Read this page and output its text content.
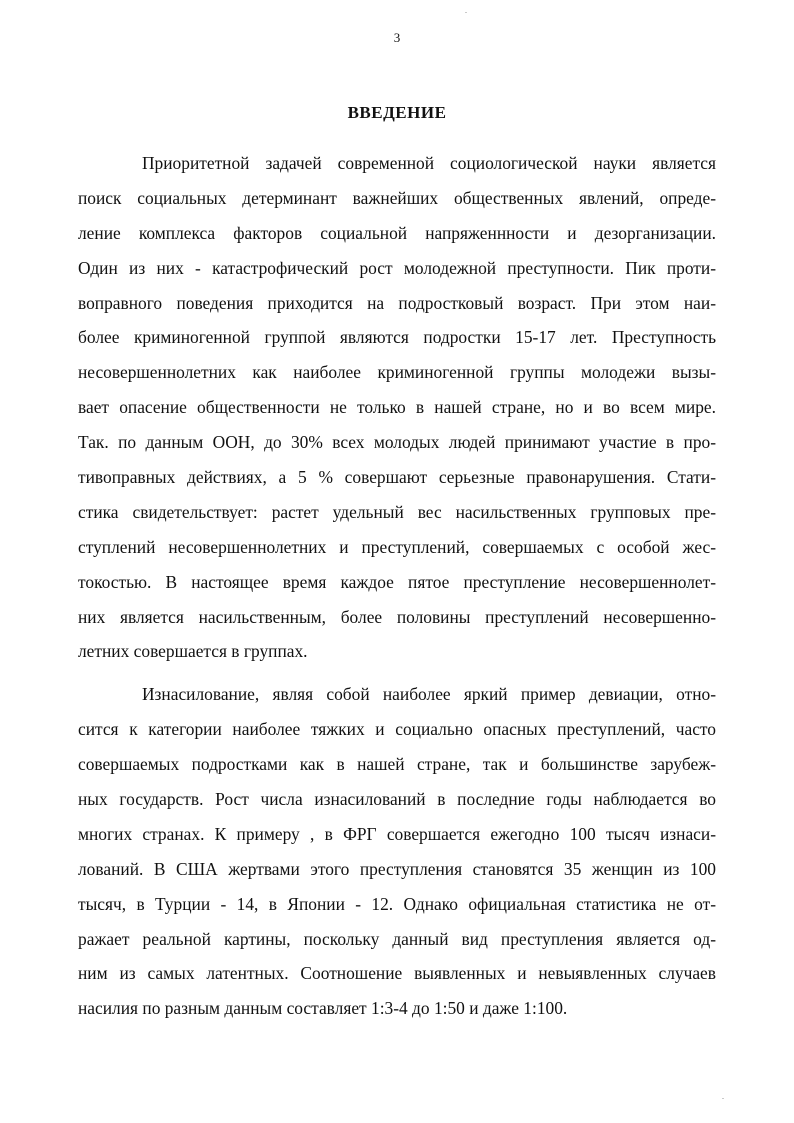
3
ВВЕДЕНИЕ
Приоритетной задачей современной социологической науки является
поиск социальных детерминант важнейших общественных явлений, опреде-
ление комплекса факторов социальной напряженнности и дезорганизации.
Один из них - катастрофический рост молодежной преступности. Пик проти-
воправного поведения приходится на подростковый возраст. При этом наи-
более криминогенной группой являются подростки 15-17 лет. Преступность
несовершеннолетних как наиболее криминогенной группы молодежи вызы-
вает опасение общественности не только в нашей стране, но и во всем мире.
Так. по данным ООН, до 30% всех молодых людей принимают участие в про-
тивоправных действиях, а 5 % совершают серьезные правонарушения. Стати-
стика свидетельствует: растет удельный вес насильственных групповых пре-
ступлений несовершеннолетних и преступлений, совершаемых с особой жес-
токостью. В настоящее время каждое пятое преступление несовершеннолет-
них является насильственным, более половины преступлений несовершенно-
летних совершается в группах.
Изнасилование, являя собой наиболее яркий пример девиации, отно-
сится к категории наиболее тяжких и социально опасных преступлений, часто
совершаемых подростками как в нашей стране, так и большинстве зарубеж-
ных государств. Рост числа изнасилований в последние годы наблюдается во
многих странах. К примеру , в ФРГ совершается ежегодно 100 тысяч изнаси-
лований. В США жертвами этого преступления становятся 35 женщин из 100
тысяч, в Турции - 14, в Японии - 12. Однако официальная статистика не от-
ражает реальной картины, поскольку данный вид преступления является од-
ним из самых латентных. Соотношение выявленных и невыявленных случаев
насилия по разным данным составляет 1:3-4 до 1:50 и даже 1:100.
